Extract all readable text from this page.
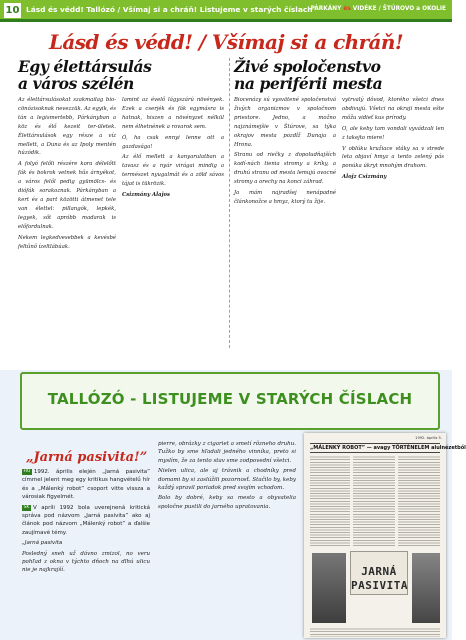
10 Lásd és védd! Tallózó / Všímaj si a chráň! Listujeme v starých číslach
PÁRKÁNY és VIDÉKE / ŠTÚROVO a OKOLIE
Lásd és védd! / Všímaj si a chráň!
Egy élettársulás
a város szélén
Živé spoločenstvo
na periférii mesta

Az élettársulásokat szakmailag bio-cönózisoknak nevezzük. Az egyik, és tán a legismertebb, Párkányban a köz és élő kezeit ter-ületek. Élettársulások egy része a víz mellett, a Duna és az Ipoly mentén húzódik.

A folyó felőli részére kora délelőtt fák és bokrok vetnek hűs árnyékot, a város felől pedig gyümölcs- és diófák sorakoznak. Párkányban a kert és a part közötti átmenet tele van élettel: pillangók, lepkék, legyek, sőt apróbb madarak is előfordulnak.

Nekem legkedvesebbek a kevésbé feltűnő ízeltlábúak.

lamint az évelő lágyszárú növények. Ezek a cserjék és fák egymásra is hatnak, hiszen a növényzet nélkül nem élhetnének a rovarok sem.

Ó, ha csak ennyi lenne ott a gazdasága!

Az élő mellett a kanyarulatban a tavasz és a nyár virágai mindig a természet nyugalmát és a zöld sávos tájat is tükrözik.

Csizmány Alajos

Biocenózy sú vysvätené spoločenstvá živých organizmov v spoločnom priestore. Jedno, a možno najznámejšie v Štúrove, sa týka okrajov mesta pozdĺž Dunaja a Hrona.

Stranu od riečky z dopoludňajších kodí-nách tienia stromy a kríky, a druhú stranu od mesta lemujú ovocné stromy a orechy na konci záhrad.

Ja mám najradšej nenápadné článkonožce a hmyz, ktorý tu žije.

vytrvalý dôvod, ktorého všetci dnes obdivujú. Všetci na okraji mesta ešte môžu vidieť kus prírody.

O, ale keby tam vondali vyvádzali len z takejto miere!

V oblúku kružiace vtáky sa v strede leta objaví hmyz a tento zelený pás ponúka úkryt mnohým druhom.

Alojz Csizmány

TALLÓZÓ - LISTUJEME V STARÝCH ČÍSLACH
„Jarná pasivita!”

HU 1992. április elején „Jarná pasivita” címmel jelent meg egy kritikus hangvételű hír és a „Málenký robot” csoport vitte vissza a városiak figyelmét.

SK V apríli 1992 bola uverejnená kritická správa pod názvom „Jarná pasivita” ako aj článok pod názvom „Málenký robot” a ďalšie zaujímavé témy.

„Jarná pasivita

Posledný sneh už dávno zmizol, no veru pohľad z okna v týchto dňoch na dlhú ulicu nie je najkrajší.

pierre, obrázky z cigariet a smetí rôzneho druhu. Tužko by sme hľadali jedného vinníka, preto si myslím, že za tento stav sme zodpovední všetci.

Nielen ulica, ale aj trávnik a chodníky pred domami by si zaslúžili pozornosť. Stačilo by, keby každý spravil poriadok pred svojím vchodom.

Bolo by dobré, keby sa mesto a obyvatelia spoločne pustili do jarného upratovania.

1992. április 5.
„MÁLENKÝ ROBOT” — avagy TÖRTÉNELEM alulnézetből
JARNÁ PASIVITA
